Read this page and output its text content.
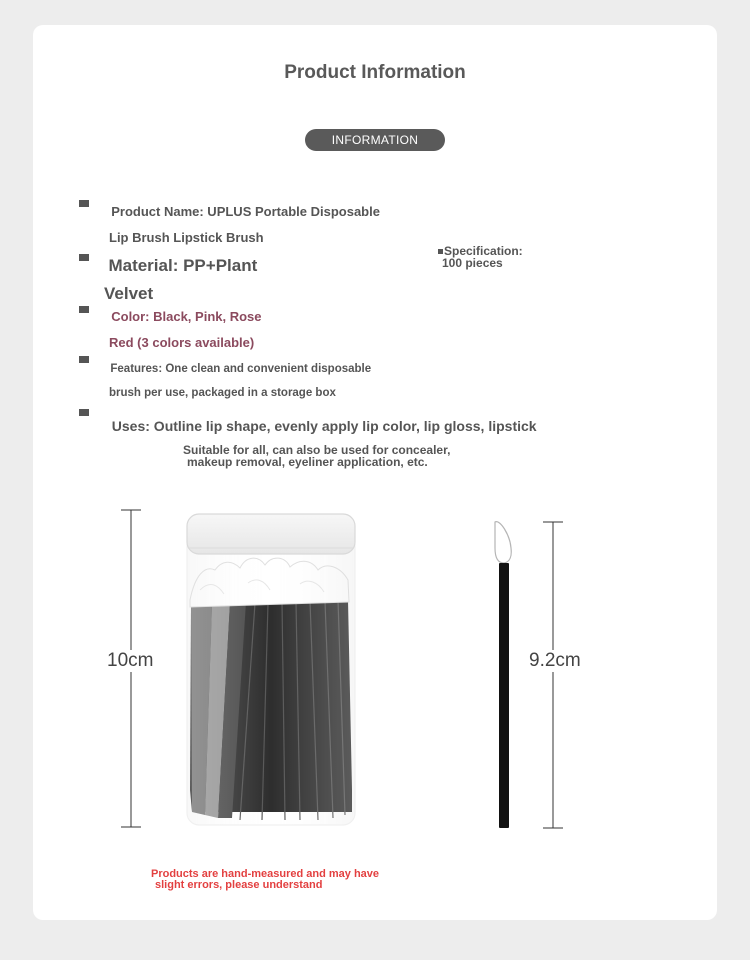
Product Information
INFORMATION

Product Name: UPLUS Portable Disposable

Lip Brush Lipstick Brush

Material: PP+Plant

Velvet

Specification:
100 pieces

Color: Black, Pink, Rose

Red (3 colors available)

Features: One clean and convenient disposable

brush per use, packaged in a storage box

Uses: Outline lip shape, evenly apply lip color, lip gloss, lipstick

Suitable for all, can also be used for concealer,
makeup removal, eyeliner application, etc.
10cm	9.2cm
Products are hand-measured and may have
slight errors, please understand
